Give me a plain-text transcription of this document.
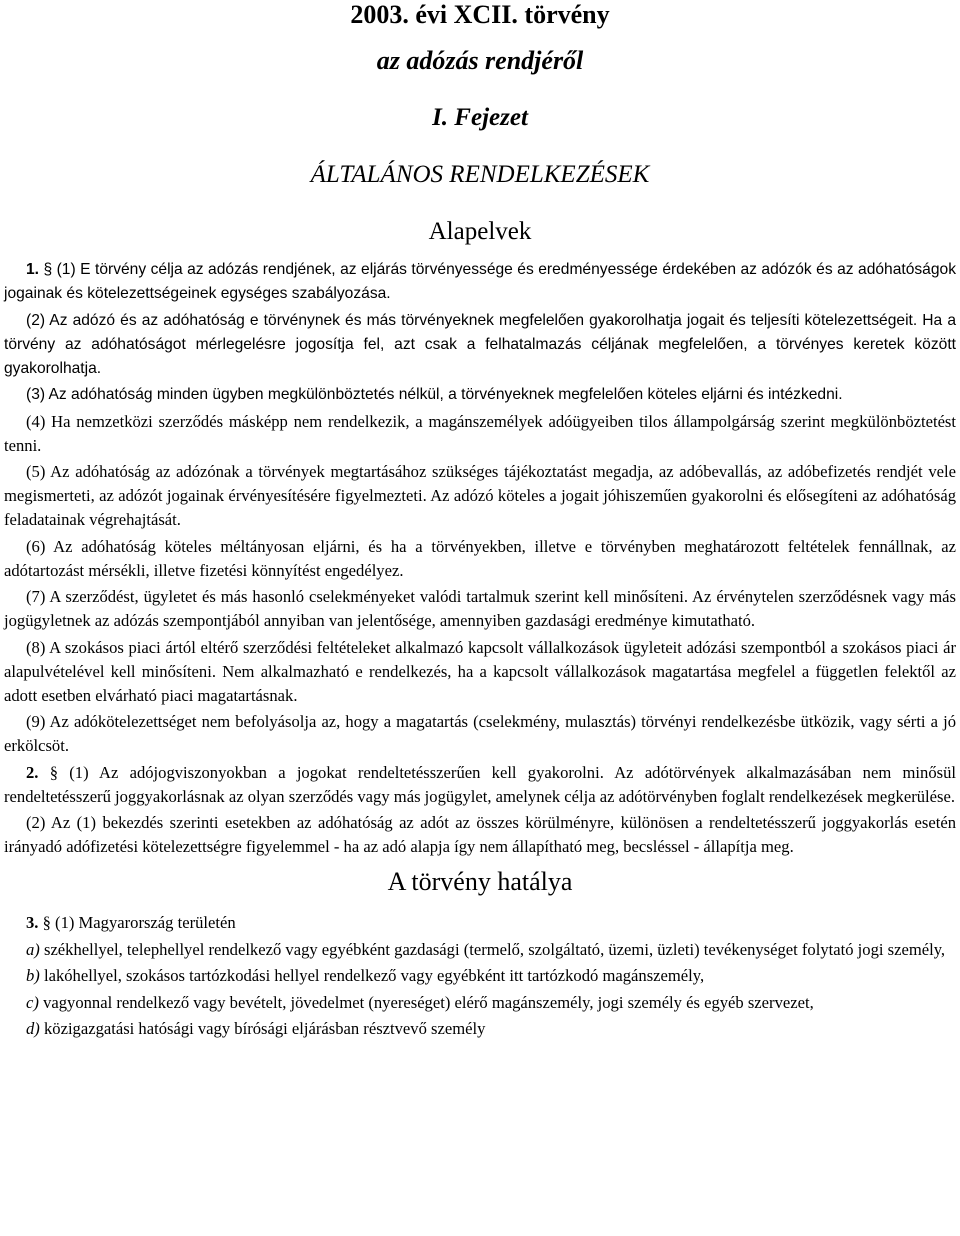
2003. évi XCII. törvény
az adózás rendjéről
I. Fejezet
ÁLTALÁNOS RENDELKEZÉSEK
Alapelvek

1. § (1) E törvény célja az adózás rendjének, az eljárás törvényessége és eredményessége érdekében az adózók és az adóhatóságok jogainak és kötelezettségeinek egységes szabályozása.

(2) Az adózó és az adóhatóság e törvénynek és más törvényeknek megfelelően gyakorolhatja jogait és teljesíti kötelezettségeit. Ha a törvény az adóhatóságot mérlegelésre jogosítja fel, azt csak a felhatalmazás céljának megfelelően, a törvényes keretek között gyakorolhatja.

(3) Az adóhatóság minden ügyben megkülönböztetés nélkül, a törvényeknek megfelelően köteles eljárni és intézkedni.

(4) Ha nemzetközi szerződés másképp nem rendelkezik, a magánszemélyek adóügyeiben tilos állampolgárság szerint megkülönböztetést tenni.

(5) Az adóhatóság az adózónak a törvények megtartásához szükséges tájékoztatást megadja, az adóbevallás, az adóbefizetés rendjét vele megismerteti, az adózót jogainak érvényesítésére figyelmezteti. Az adózó köteles a jogait jóhiszeműen gyakorolni és elősegíteni az adóhatóság feladatainak végrehajtását.

(6) Az adóhatóság köteles méltányosan eljárni, és ha a törvényekben, illetve e törvényben meghatározott feltételek fennállnak, az adótartozást mérsékli, illetve fizetési könnyítést engedélyez.

(7) A szerződést, ügyletet és más hasonló cselekményeket valódi tartalmuk szerint kell minősíteni. Az érvénytelen szerződésnek vagy más jogügyletnek az adózás szempontjából annyiban van jelentősége, amennyiben gazdasági eredménye kimutatható.

(8) A szokásos piaci ártól eltérő szerződési feltételeket alkalmazó kapcsolt vállalkozások ügyleteit adózási szempontból a szokásos piaci ár alapulvételével kell minősíteni. Nem alkalmazható e rendelkezés, ha a kapcsolt vállalkozások magatartása megfelel a független felektől az adott esetben elvárható piaci magatartásnak.

(9) Az adókötelezettséget nem befolyásolja az, hogy a magatartás (cselekmény, mulasztás) törvényi rendelkezésbe ütközik, vagy sérti a jó erkölcsöt.

2. § (1) Az adójogviszonyokban a jogokat rendeltetésszerűen kell gyakorolni. Az adótörvények alkalmazásában nem minősül rendeltetésszerű joggyakorlásnak az olyan szerződés vagy más jogügylet, amelynek célja az adótörvényben foglalt rendelkezések megkerülése.

(2) Az (1) bekezdés szerinti esetekben az adóhatóság az adót az összes körülményre, különösen a rendeltetésszerű joggyakorlás esetén irányadó adófizetési kötelezettségre figyelemmel - ha az adó alapja így nem állapítható meg, becsléssel - állapítja meg.

A törvény hatálya

3. § (1) Magyarország területén

a) székhellyel, telephellyel rendelkező vagy egyébként gazdasági (termelő, szolgáltató, üzemi, üzleti) tevékenységet folytató jogi személy,

b) lakóhellyel, szokásos tartózkodási hellyel rendelkező vagy egyébként itt tartózkodó magánszemély,

c) vagyonnal rendelkező vagy bevételt, jövedelmet (nyereséget) elérő magánszemély, jogi személy és egyéb szervezet,

d) közigazgatási hatósági vagy bírósági eljárásban résztvevő személy
